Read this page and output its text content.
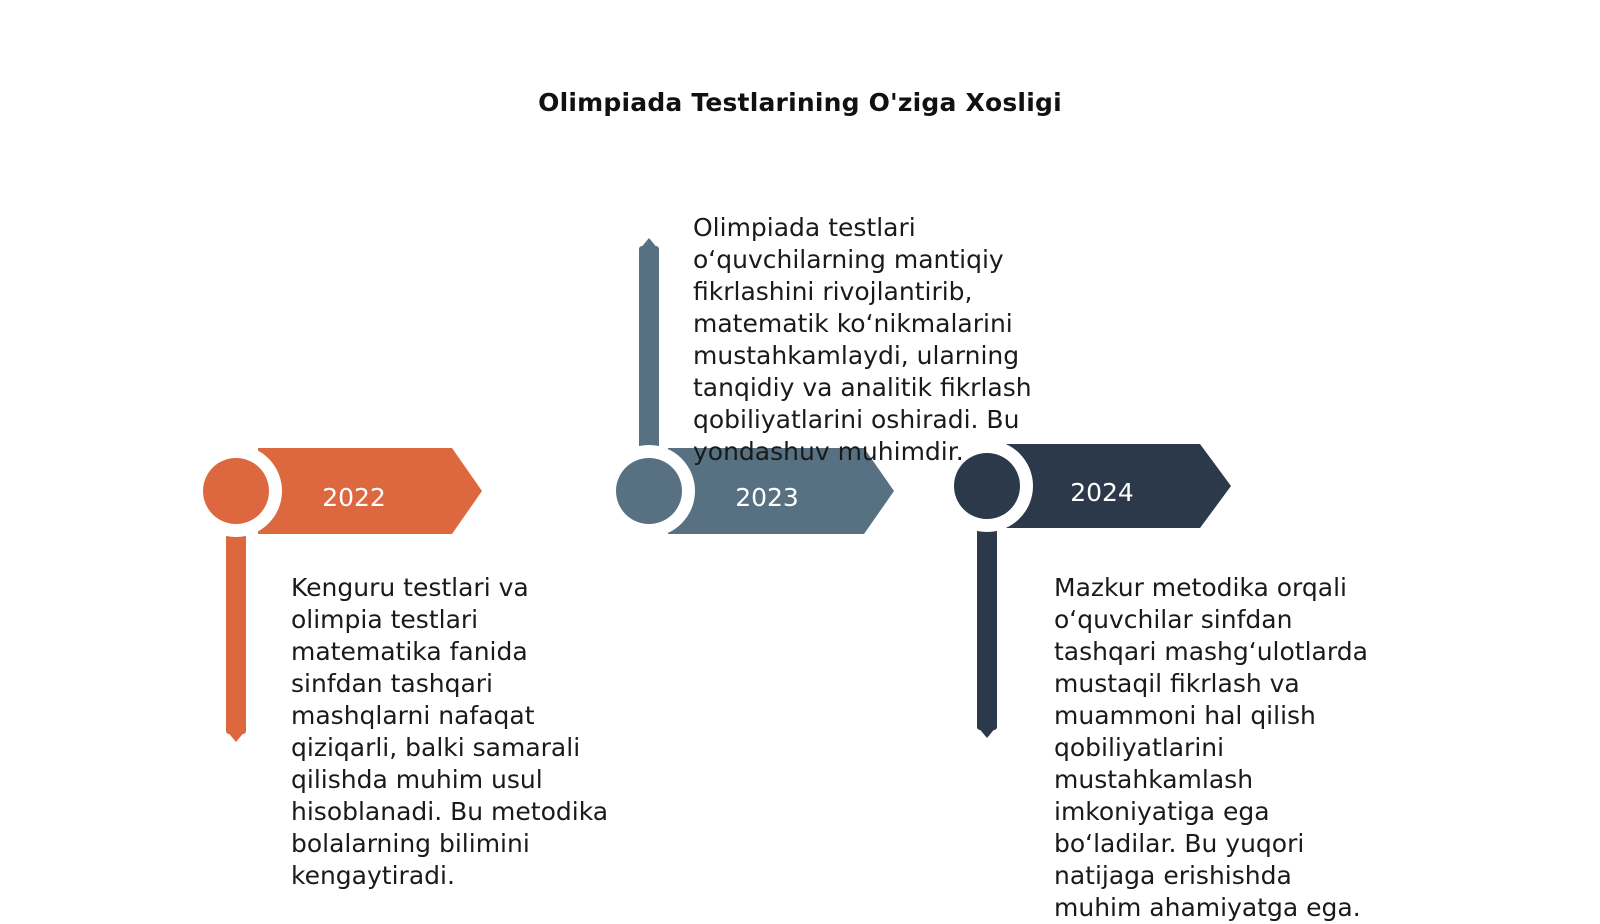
Olimpiada Testlarining O'ziga Xosligi
2022	2023	2024
Kenguru testlari va
olimpia testlari
matematika fanida
sinfdan tashqari
mashqlarni nafaqat
qiziqarli, balki samarali
qilishda muhim usul
hisoblanadi. Bu metodika
bolalarning bilimini
kengaytiradi.
Olimpiada testlari
o‘quvchilarning mantiqiy
fikrlashini rivojlantirib,
matematik ko‘nikmalarini
mustahkamlaydi, ularning
tanqidiy va analitik fikrlash
qobiliyatlarini oshiradi. Bu
yondashuv muhimdir.
Mazkur metodika orqali
o‘quvchilar sinfdan
tashqari mashg‘ulotlarda
mustaqil fikrlash va
muammoni hal qilish
qobiliyatlarini
mustahkamlash
imkoniyatiga ega
bo‘ladilar. Bu yuqori
natijaga erishishda
muhim ahamiyatga ega.
